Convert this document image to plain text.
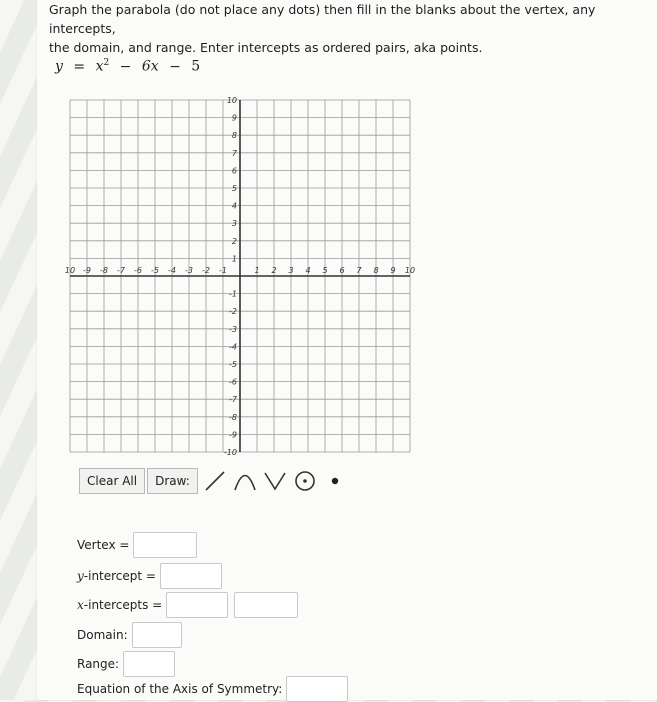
Graph the parabola (do not place any dots) then fill in the blanks about the vertex, any intercepts,
the domain, and range. Enter intercepts as ordered pairs, aka points.
$y = x^2 - 6x - 5$
10 -9 -8 -7 -6 -5 -4 -3 -2 -1	1 2 3 4 5 6 7 8 9 10
10
9
8
7
6
5
4
3
2
1
-1
-2
-3
-4
-5
-6
-7
-8
-9
-10
Clear All	Draw:
Vertex =
y -intercept =
x -intercepts =
Domain:
Range:
Equation of the Axis of Symmetry:
